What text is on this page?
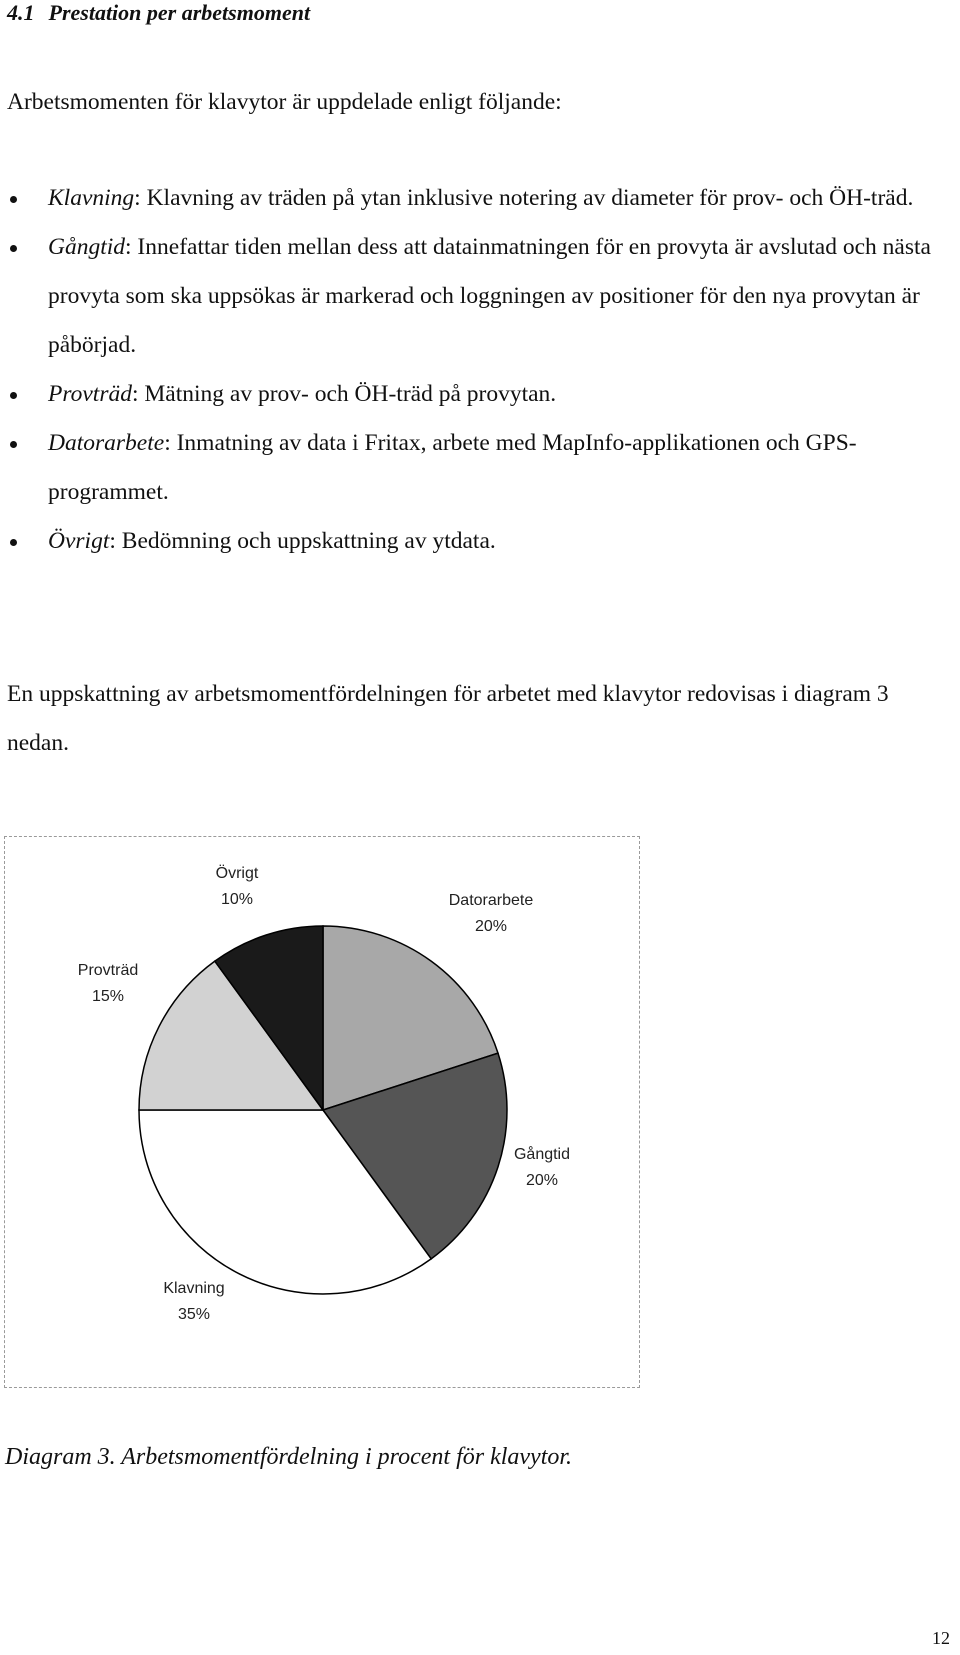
4.1 Prestation per arbetsmoment

Arbetsmomenten för klavytor är uppdelade enligt följande:

Klavning: Klavning av träden på ytan inklusive notering av diameter för prov- och ÖH-träd.
Gångtid: Innefattar tiden mellan dess att datainmatningen för en provyta är avslutad och nästa provyta som ska uppsökas är markerad och loggningen av positioner för den nya provytan är påbörjad.
Provträd: Mätning av prov- och ÖH-träd på provytan.
Datorarbete: Inmatning av data i Fritax, arbete med MapInfo-applikationen och GPS-programmet.
Övrigt: Bedömning och uppskattning av ytdata.

En uppskattning av arbetsmomentfördelningen för arbetet med klavytor redovisas i diagram 3 nedan.

Datorarbete
20%
Gångtid
20%
Klavning
35%
Provträd
15%
Övrigt
10%

Diagram 3. Arbetsmomentfördelning i procent för klavytor.

12
